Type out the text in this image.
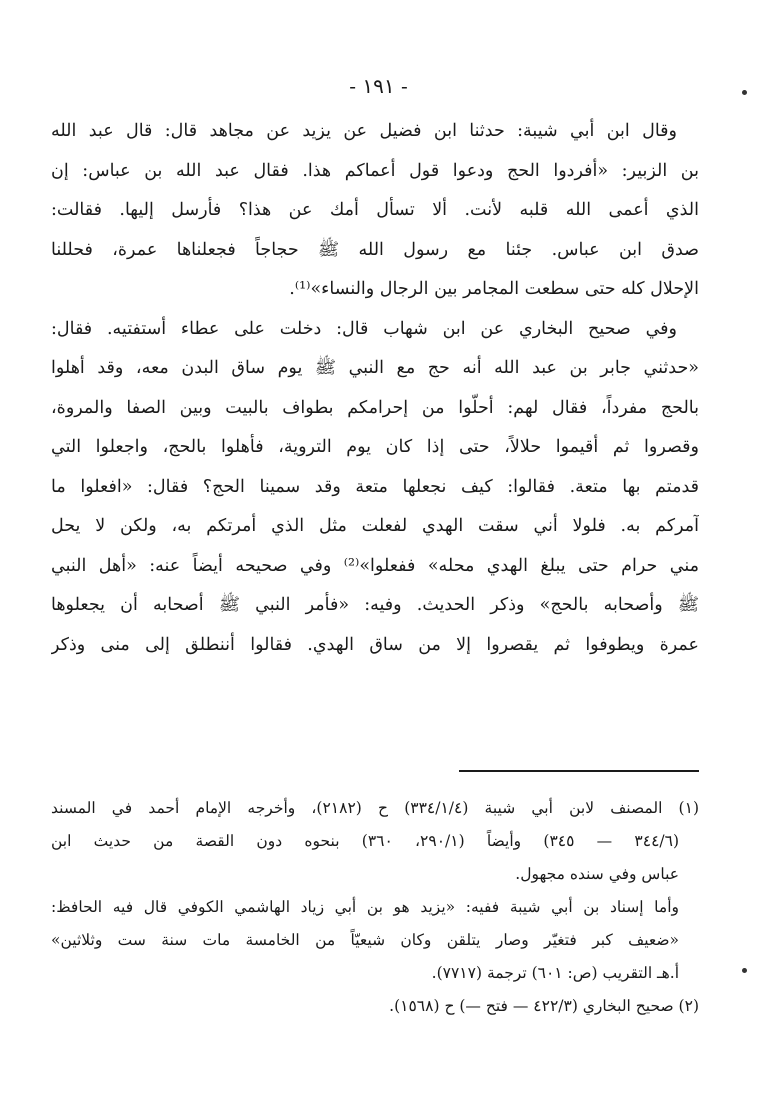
- ١٩١ -
وقال ابن أبي شيبة: حدثنا ابن فضيل عن يزيد عن مجاهد قال: قال عبد الله
بن الزبير: «أفردوا الحج ودعوا قول أعماكم هذا. فقال عبد الله بن عباس: إن
الذي أعمى الله قلبه لأنت. ألا تسأل أمك عن هذا؟ فأرسل إليها. فقالت:
صدق ابن عباس. جئنا مع رسول الله ﷺ حجاجاً فجعلناها عمرة، فحللنا
الإحلال كله حتى سطعت المجامر بين الرجال والنساء»⁽¹⁾.
وفي صحيح البخاري عن ابن شهاب قال: دخلت على عطاء أستفتيه. فقال:
«حدثني جابر بن عبد الله أنه حج مع النبي ﷺ يوم ساق البدن معه، وقد أهلوا
بالحج مفرداً، فقال لهم: أحلّوا من إحرامكم بطواف بالبيت وبين الصفا والمروة،
وقصروا ثم أقيموا حلالاً، حتى إذا كان يوم التروية، فأهلوا بالحج، واجعلوا التي
قدمتم بها متعة. فقالوا: كيف نجعلها متعة وقد سمينا الحج؟ فقال: «افعلوا ما
آمركم به. فلولا أني سقت الهدي لفعلت مثل الذي أمرتكم به، ولكن لا يحل
مني حرام حتى يبلغ الهدي محله» ففعلوا»⁽²⁾ وفي صحيحه أيضاً عنه: «أهل النبي
ﷺ وأصحابه بالحج» وذكر الحديث. وفيه: «فأمر النبي ﷺ أصحابه أن يجعلوها
عمرة ويطوفوا ثم يقصروا إلا من ساق الهدي. فقالوا أننطلق إلى منى وذكر
(١) المصنف لابن أبي شيبة (٣٣٤/١/٤) ح (٢١٨٢)، وأخرجه الإمام أحمد في المسند
(٣٤٤/٦ — ٣٤٥) وأيضاً (٢٩٠/١، ٣٦٠) بنحوه دون القصة من حديث ابن
عباس وفي سنده مجهول.
وأما إسناد بن أبي شيبة ففيه: «يزيد هو بن أبي زياد الهاشمي الكوفي قال فيه الحافظ:
«ضعيف كبر فتغيّر وصار يتلقن وكان شيعيّاً من الخامسة مات سنة ست وثلاثين»
أ.هـ التقريب (ص: ٦٠١) ترجمة (٧٧١٧).
(٢) صحيح البخاري (٤٢٢/٣ — فتح —) ح (١٥٦٨).
